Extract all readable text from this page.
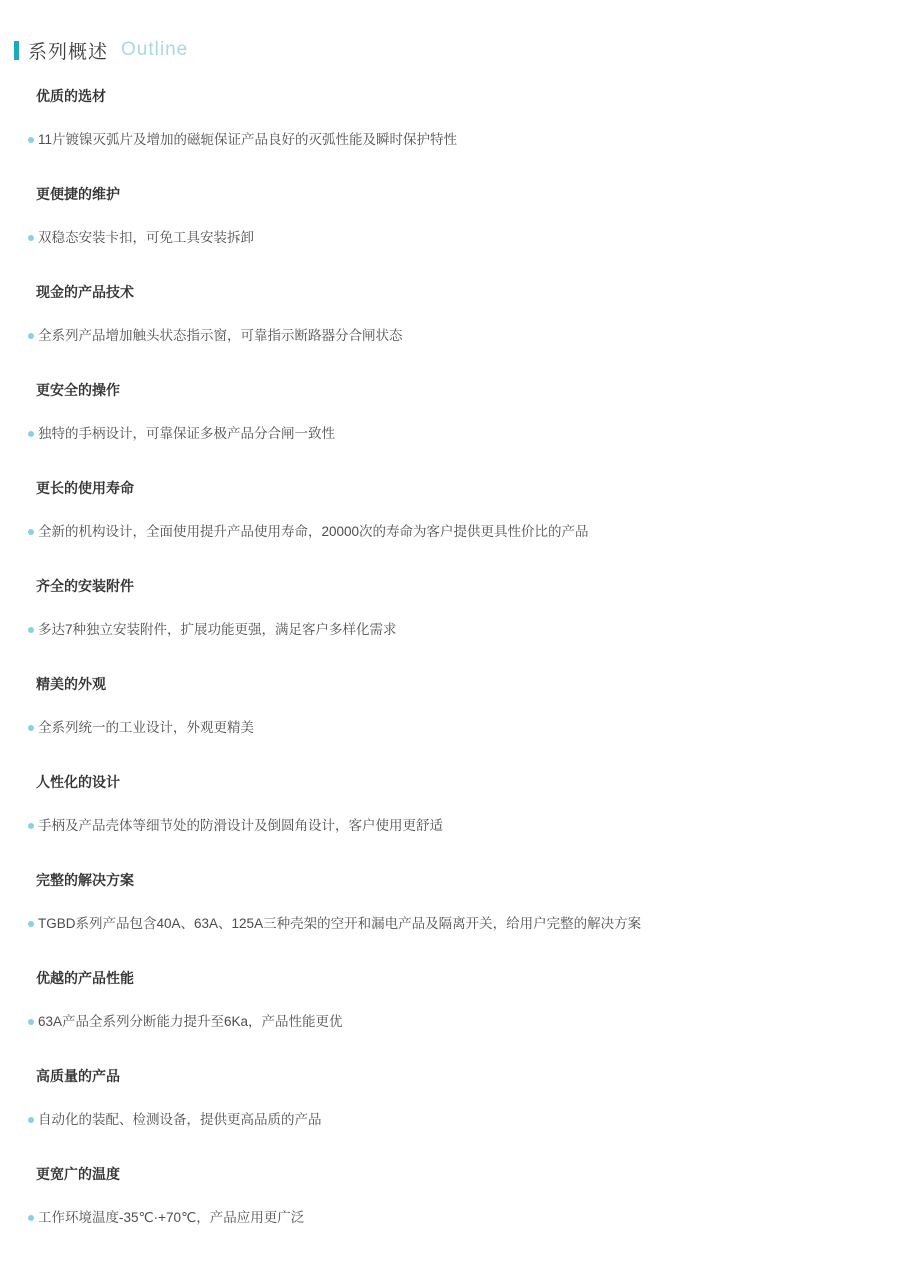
系列概述 Outline
优质的选材
11片镀镍灭弧片及增加的磁轭保证产品良好的灭弧性能及瞬时保护特性
更便捷的维护
双稳态安装卡扣，可免工具安装拆卸
现金的产品技术
全系列产品增加触头状态指示窗，可靠指示断路器分合闸状态
更安全的操作
独特的手柄设计，可靠保证多极产品分合闸一致性
更长的使用寿命
全新的机构设计，全面使用提升产品使用寿命，20000次的寿命为客户提供更具性价比的产品
齐全的安装附件
多达7种独立安装附件，扩展功能更强，满足客户多样化需求
精美的外观
全系列统一的工业设计，外观更精美
人性化的设计
手柄及产品壳体等细节处的防滑设计及倒圆角设计，客户使用更舒适
完整的解决方案
TGBD系列产品包含40A、63A、125A三种壳架的空开和漏电产品及隔离开关，给用户完整的解决方案
优越的产品性能
63A产品全系列分断能力提升至6Ka，产品性能更优
高质量的产品
自动化的装配、检测设备，提供更高品质的产品
更宽广的温度
工作环境温度-35℃·+70℃，产品应用更广泛
